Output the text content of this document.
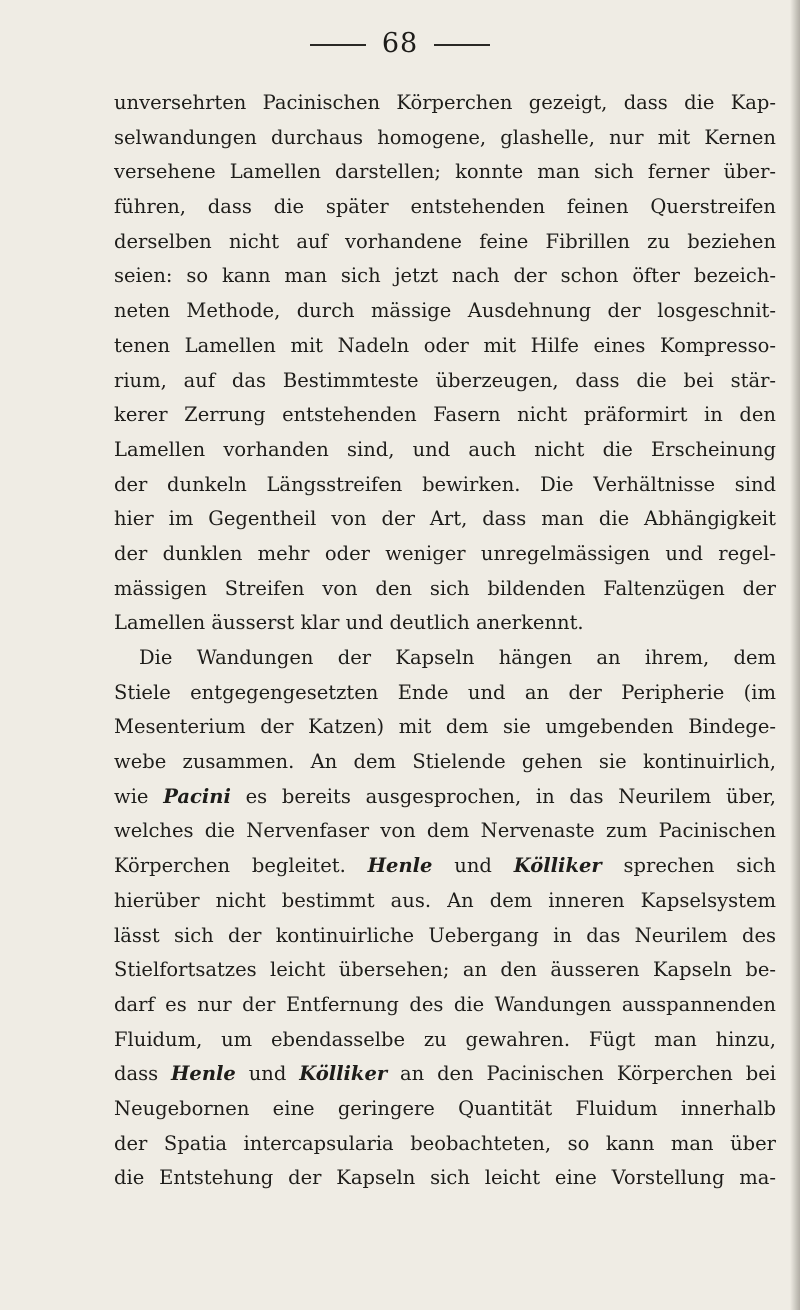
68
unversehrten Pacinischen Körperchen gezeigt, dass die Kap-
selwandungen durchaus homogene, glashelle, nur mit Kernen
versehene Lamellen darstellen; konnte man sich ferner über-
führen, dass die später entstehenden feinen Querstreifen
derselben nicht auf vorhandene feine Fibrillen zu beziehen
seien: so kann man sich jetzt nach der schon öfter bezeich-
neten Methode, durch mässige Ausdehnung der losgeschnit-
tenen Lamellen mit Nadeln oder mit Hilfe eines Kompresso-
rium, auf das Bestimmteste überzeugen, dass die bei stär-
kerer Zerrung entstehenden Fasern nicht präformirt in den
Lamellen vorhanden sind, und auch nicht die Erscheinung
der dunkeln Längsstreifen bewirken. Die Verhältnisse sind
hier im Gegentheil von der Art, dass man die Abhängigkeit
der dunklen mehr oder weniger unregelmässigen und regel-
mässigen Streifen von den sich bildenden Faltenzügen der
Lamellen äusserst klar und deutlich anerkennt.
Die Wandungen der Kapseln hängen an ihrem, dem
Stiele entgegengesetzten Ende und an der Peripherie (im
Mesenterium der Katzen) mit dem sie umgebenden Bindege-
webe zusammen. An dem Stielende gehen sie kontinuirlich,
wie Pacini es bereits ausgesprochen, in das Neurilem über,
welches die Nervenfaser von dem Nervenaste zum Pacinischen
Körperchen begleitet. Henle und Kölliker sprechen sich
hierüber nicht bestimmt aus. An dem inneren Kapselsystem
lässt sich der kontinuirliche Uebergang in das Neurilem des
Stielfortsatzes leicht übersehen; an den äusseren Kapseln be-
darf es nur der Entfernung des die Wandungen ausspannenden
Fluidum, um ebendasselbe zu gewahren. Fügt man hinzu,
dass Henle und Kölliker an den Pacinischen Körperchen bei
Neugebornen eine geringere Quantität Fluidum innerhalb
der Spatia intercapsularia beobachteten, so kann man über
die Entstehung der Kapseln sich leicht eine Vorstellung ma-
